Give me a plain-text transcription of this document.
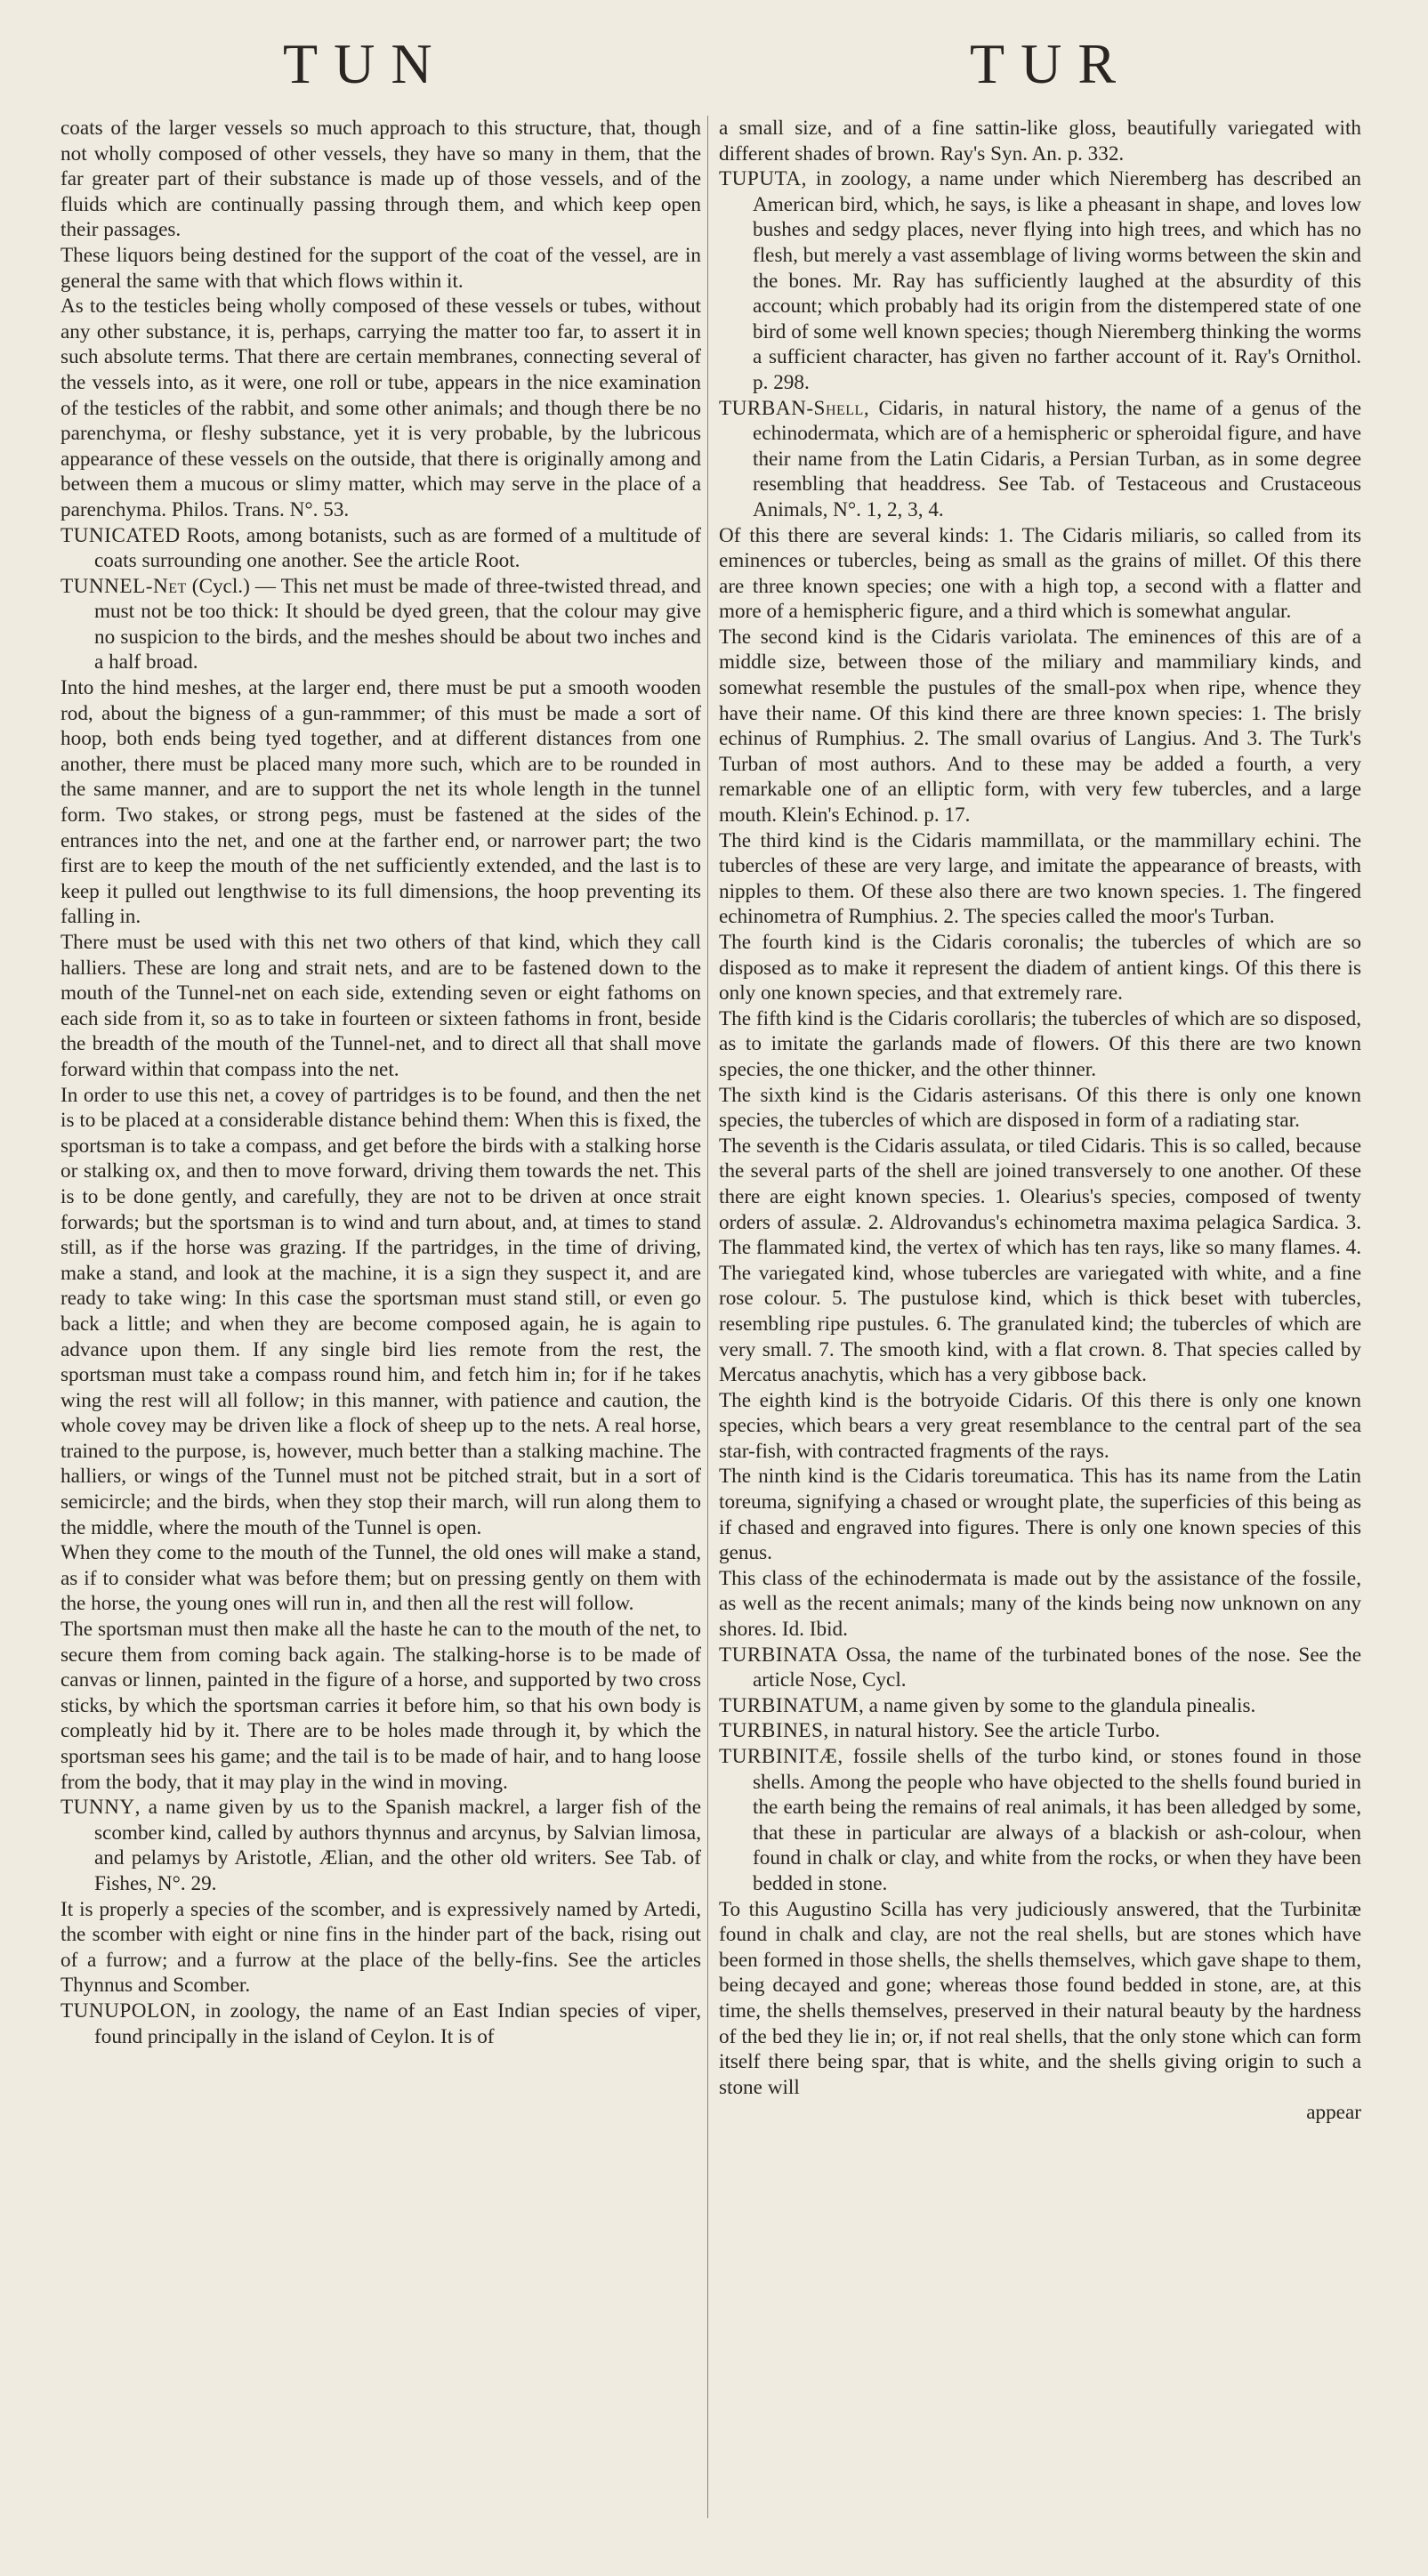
TUN	TUR

coats of the larger vessels so much approach to this structure, that, though not wholly composed of other vessels, they have so many in them, that the far greater part of their substance is made up of those vessels, and of the fluids which are continually passing through them, and which keep open their passages.

These liquors being destined for the support of the coat of the vessel, are in general the same with that which flows within it.

As to the testicles being wholly composed of these vessels or tubes, without any other substance, it is, perhaps, carrying the matter too far, to assert it in such absolute terms. That there are certain membranes, connecting several of the vessels into, as it were, one roll or tube, appears in the nice examination of the testicles of the rabbit, and some other animals; and though there be no parenchyma, or fleshy substance, yet it is very probable, by the lubricous appearance of these vessels on the outside, that there is originally among and between them a mucous or slimy matter, which may serve in the place of a parenchyma. Philos. Trans. N°. 53.

TUNICATED Roots, among botanists, such as are formed of a multitude of coats surrounding one another. See the article Root.

TUNNEL-Net (Cycl.) — This net must be made of three-twisted thread, and must not be too thick: It should be dyed green, that the colour may give no suspicion to the birds, and the meshes should be about two inches and a half broad.

Into the hind meshes, at the larger end, there must be put a smooth wooden rod, about the bigness of a gun-rammmer; of this must be made a sort of hoop, both ends being tyed together, and at different distances from one another, there must be placed many more such, which are to be rounded in the same manner, and are to support the net its whole length in the tunnel form. Two stakes, or strong pegs, must be fastened at the sides of the entrances into the net, and one at the farther end, or narrower part; the two first are to keep the mouth of the net sufficiently extended, and the last is to keep it pulled out lengthwise to its full dimensions, the hoop preventing its falling in.

There must be used with this net two others of that kind, which they call halliers. These are long and strait nets, and are to be fastened down to the mouth of the Tunnel-net on each side, extending seven or eight fathoms on each side from it, so as to take in fourteen or sixteen fathoms in front, beside the breadth of the mouth of the Tunnel-net, and to direct all that shall move forward within that compass into the net.

In order to use this net, a covey of partridges is to be found, and then the net is to be placed at a considerable distance behind them: When this is fixed, the sportsman is to take a compass, and get before the birds with a stalking horse or stalking ox, and then to move forward, driving them towards the net. This is to be done gently, and carefully, they are not to be driven at once strait forwards; but the sportsman is to wind and turn about, and, at times to stand still, as if the horse was grazing. If the partridges, in the time of driving, make a stand, and look at the machine, it is a sign they suspect it, and are ready to take wing: In this case the sportsman must stand still, or even go back a little; and when they are become composed again, he is again to advance upon them. If any single bird lies remote from the rest, the sportsman must take a compass round him, and fetch him in; for if he takes wing the rest will all follow; in this manner, with patience and caution, the whole covey may be driven like a flock of sheep up to the nets. A real horse, trained to the purpose, is, however, much better than a stalking machine. The halliers, or wings of the Tunnel must not be pitched strait, but in a sort of semicircle; and the birds, when they stop their march, will run along them to the middle, where the mouth of the Tunnel is open.

When they come to the mouth of the Tunnel, the old ones will make a stand, as if to consider what was before them; but on pressing gently on them with the horse, the young ones will run in, and then all the rest will follow.

The sportsman must then make all the haste he can to the mouth of the net, to secure them from coming back again. The stalking-horse is to be made of canvas or linnen, painted in the figure of a horse, and supported by two cross sticks, by which the sportsman carries it before him, so that his own body is compleatly hid by it. There are to be holes made through it, by which the sportsman sees his game; and the tail is to be made of hair, and to hang loose from the body, that it may play in the wind in moving.

TUNNY, a name given by us to the Spanish mackrel, a larger fish of the scomber kind, called by authors thynnus and arcynus, by Salvian limosa, and pelamys by Aristotle, Ælian, and the other old writers. See Tab. of Fishes, N°. 29.

It is properly a species of the scomber, and is expressively named by Artedi, the scomber with eight or nine fins in the hinder part of the back, rising out of a furrow; and a furrow at the place of the belly-fins. See the articles Thynnus and Scomber.

TUNUPOLON, in zoology, the name of an East Indian species of viper, found principally in the island of Ceylon. It is of

a small size, and of a fine sattin-like gloss, beautifully variegated with different shades of brown. Ray's Syn. An. p. 332.

TUPUTA, in zoology, a name under which Nieremberg has described an American bird, which, he says, is like a pheasant in shape, and loves low bushes and sedgy places, never flying into high trees, and which has no flesh, but merely a vast assemblage of living worms between the skin and the bones. Mr. Ray has sufficiently laughed at the absurdity of this account; which probably had its origin from the distempered state of one bird of some well known species; though Nieremberg thinking the worms a sufficient character, has given no farther account of it. Ray's Ornithol. p. 298.

TURBAN-Shell, Cidaris, in natural history, the name of a genus of the echinodermata, which are of a hemispheric or spheroidal figure, and have their name from the Latin Cidaris, a Persian Turban, as in some degree resembling that headdress. See Tab. of Testaceous and Crustaceous Animals, N°. 1, 2, 3, 4.

Of this there are several kinds: 1. The Cidaris miliaris, so called from its eminences or tubercles, being as small as the grains of millet. Of this there are three known species; one with a high top, a second with a flatter and more of a hemispheric figure, and a third which is somewhat angular.

The second kind is the Cidaris variolata. The eminences of this are of a middle size, between those of the miliary and mammiliary kinds, and somewhat resemble the pustules of the small-pox when ripe, whence they have their name. Of this kind there are three known species: 1. The brisly echinus of Rumphius. 2. The small ovarius of Langius. And 3. The Turk's Turban of most authors. And to these may be added a fourth, a very remarkable one of an elliptic form, with very few tubercles, and a large mouth. Klein's Echinod. p. 17.

The third kind is the Cidaris mammillata, or the mammillary echini. The tubercles of these are very large, and imitate the appearance of breasts, with nipples to them. Of these also there are two known species. 1. The fingered echinometra of Rumphius. 2. The species called the moor's Turban.

The fourth kind is the Cidaris coronalis; the tubercles of which are so disposed as to make it represent the diadem of antient kings. Of this there is only one known species, and that extremely rare.

The fifth kind is the Cidaris corollaris; the tubercles of which are so disposed, as to imitate the garlands made of flowers. Of this there are two known species, the one thicker, and the other thinner.

The sixth kind is the Cidaris asterisans. Of this there is only one known species, the tubercles of which are disposed in form of a radiating star.

The seventh is the Cidaris assulata, or tiled Cidaris. This is so called, because the several parts of the shell are joined transversely to one another. Of these there are eight known species. 1. Olearius's species, composed of twenty orders of assulæ. 2. Aldrovandus's echinometra maxima pelagica Sardica. 3. The flammated kind, the vertex of which has ten rays, like so many flames. 4. The variegated kind, whose tubercles are variegated with white, and a fine rose colour. 5. The pustulose kind, which is thick beset with tubercles, resembling ripe pustules. 6. The granulated kind; the tubercles of which are very small. 7. The smooth kind, with a flat crown. 8. That species called by Mercatus anachytis, which has a very gibbose back.

The eighth kind is the botryoide Cidaris. Of this there is only one known species, which bears a very great resemblance to the central part of the sea star-fish, with contracted fragments of the rays.

The ninth kind is the Cidaris toreumatica. This has its name from the Latin toreuma, signifying a chased or wrought plate, the superficies of this being as if chased and engraved into figures. There is only one known species of this genus.

This class of the echinodermata is made out by the assistance of the fossile, as well as the recent animals; many of the kinds being now unknown on any shores. Id. Ibid.

TURBINATA Ossa, the name of the turbinated bones of the nose. See the article Nose, Cycl.

TURBINATUM, a name given by some to the glandula pinealis.

TURBINES, in natural history. See the article Turbo.

TURBINITÆ, fossile shells of the turbo kind, or stones found in those shells. Among the people who have objected to the shells found buried in the earth being the remains of real animals, it has been alledged by some, that these in particular are always of a blackish or ash-colour, when found in chalk or clay, and white from the rocks, or when they have been bedded in stone.

To this Augustino Scilla has very judiciously answered, that the Turbinitæ found in chalk and clay, are not the real shells, but are stones which have been formed in those shells, the shells themselves, which gave shape to them, being decayed and gone; whereas those found bedded in stone, are, at this time, the shells themselves, preserved in their natural beauty by the hardness of the bed they lie in; or, if not real shells, that the only stone which can form itself there being spar, that is white, and the shells giving origin to such a stone will

appear
